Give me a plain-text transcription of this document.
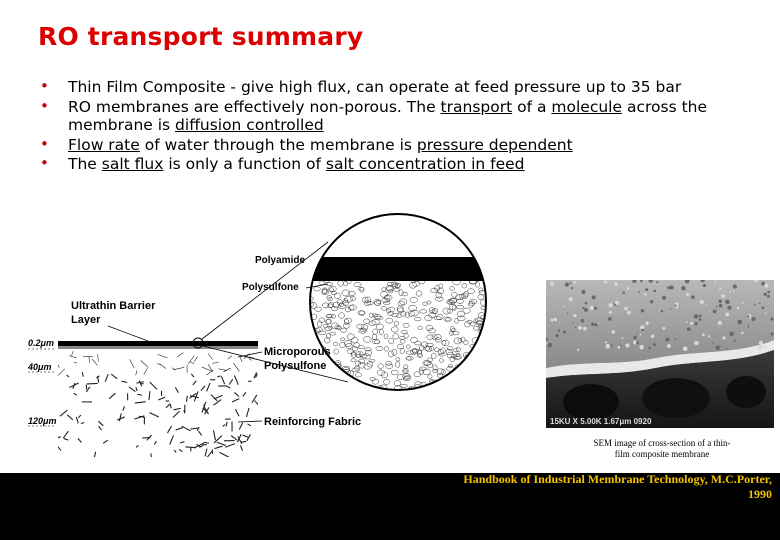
RO transport summary
• Thin Film Composite - give high flux, can operate at feed pressure up to 35 bar
• RO membranes are effectively non-porous. The transport of a molecule across the membrane is diffusion controlled
• Flow rate of water through the membrane is pressure dependent
• The salt flux is only a function of salt concentration in feed
0.2μm
40μm
120μm
Polyamide
Polysulfone
Ultrathin Barrier
Layer
Microporous
Polysulfone
Reinforcing Fabric	15KU X 5.00K 1.67μm 0920
SEM image of cross-section of a thin-
film composite membrane
24	30-Apr-09	Dublin Institute of Technology
MSc in Chemical and Pharmaceutical Process Technology
Handbook of Industrial Membrane Technology, M.C.Porter,
1990
